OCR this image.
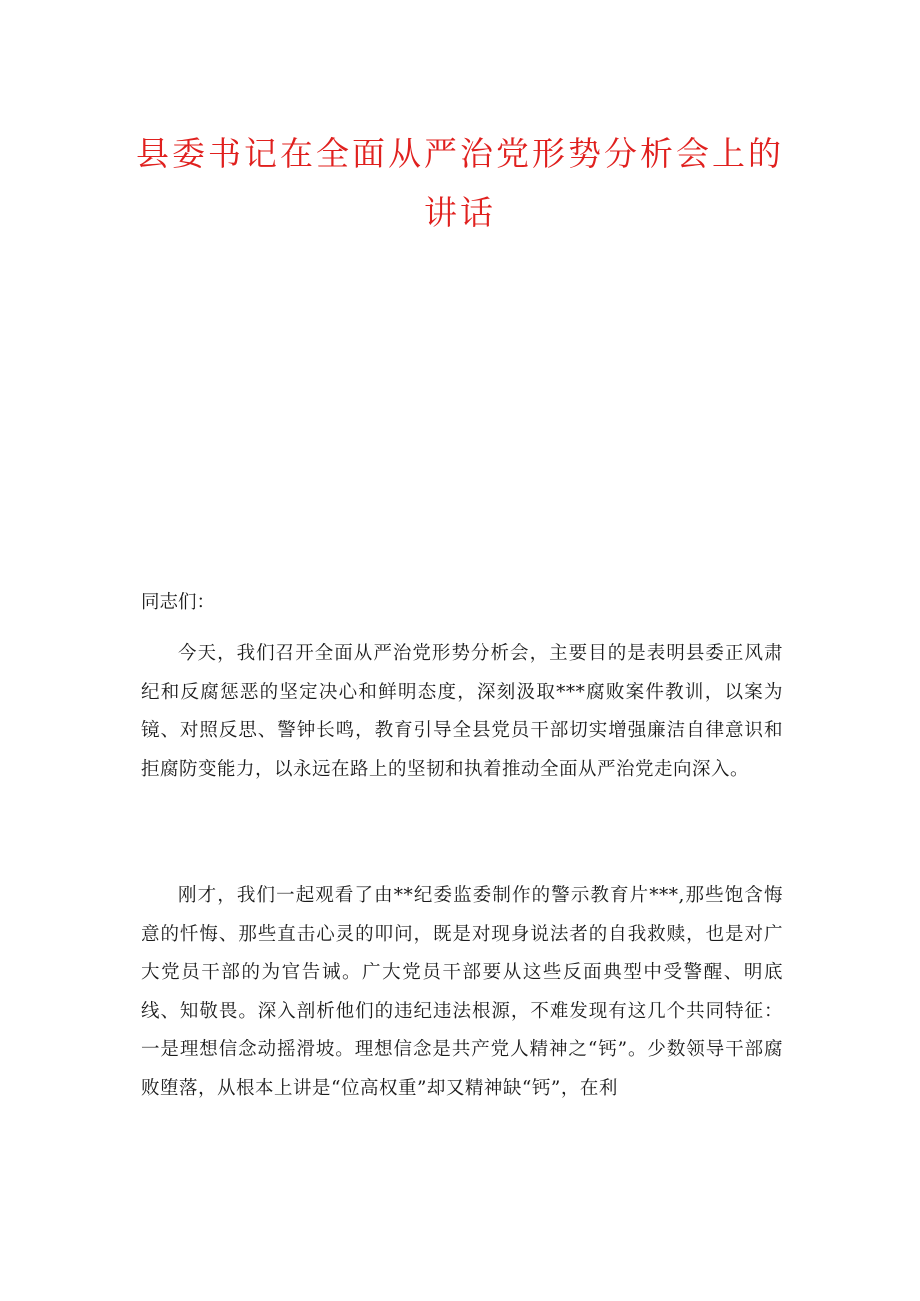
县委书记在全面从严治党形势分析会上的
讲话

同志们：

今天，我们召开全面从严治党形势分析会，主要目的是表明县委正风肃纪和反腐惩恶的坚定决心和鲜明态度，深刻汲取***腐败案件教训，以案为镜、对照反思、警钟长鸣，教育引导全县党员干部切实增强廉洁自律意识和拒腐防变能力，以永远在路上的坚韧和执着推动全面从严治党走向深入。

刚才，我们一起观看了由**纪委监委制作的警示教育片***,那些饱含悔意的忏悔、那些直击心灵的叩问，既是对现身说法者的自我救赎，也是对广大党员干部的为官告诫。广大党员干部要从这些反面典型中受警醒、明底线、知敬畏。深入剖析他们的违纪违法根源，不难发现有这几个共同特征：一是理想信念动摇滑坡。理想信念是共产党人精神之“钙”。少数领导干部腐败堕落，从根本上讲是“位高权重”却又精神缺“钙”，在利
